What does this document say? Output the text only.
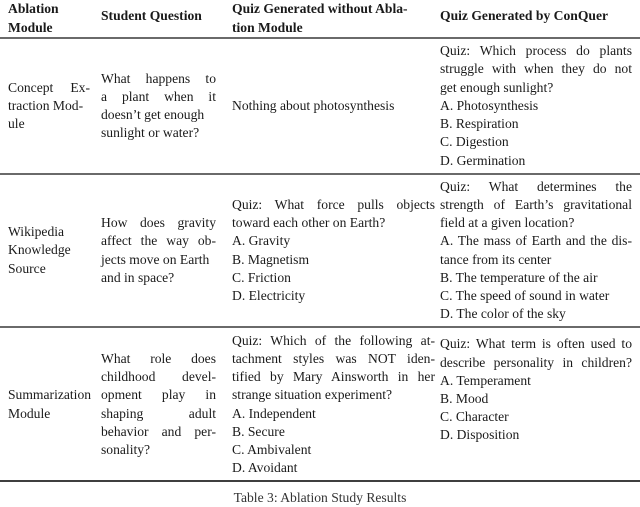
Ablation
Module
Student Question	Quiz Generated without Abla-
tion Module
Quiz Generated by ConQuer
Concept Ex-
traction Mod-
ule
What happens to
a plant when it
doesn’t get enough
sunlight or water?
Nothing about photosynthesis
Quiz: Which process do plants
struggle with when they do not
get enough sunlight?
A. Photosynthesis
B. Respiration
C. Digestion
D. Germination
Wikipedia
Knowledge
Source
How does gravity
affect the way ob-
jects move on Earth
and in space?
Quiz: What force pulls objects
toward each other on Earth?
A. Gravity
B. Magnetism
C. Friction
D. Electricity
Quiz: What determines the
strength of Earth’s gravitational
field at a given location?
A. The mass of Earth and the dis-
tance from its center
B. The temperature of the air
C. The speed of sound in water
D. The color of the sky
Summarization
Module
What role does
childhood devel-
opment play in
shaping adult
behavior and per-
sonality?
Quiz: Which of the following at-
tachment styles was NOT iden-
tified by Mary Ainsworth in her
strange situation experiment?
A. Independent
B. Secure
C. Ambivalent
D. Avoidant
Quiz: What term is often used to
describe personality in children?
A. Temperament
B. Mood
C. Character
D. Disposition
Table 3: Ablation Study Results
